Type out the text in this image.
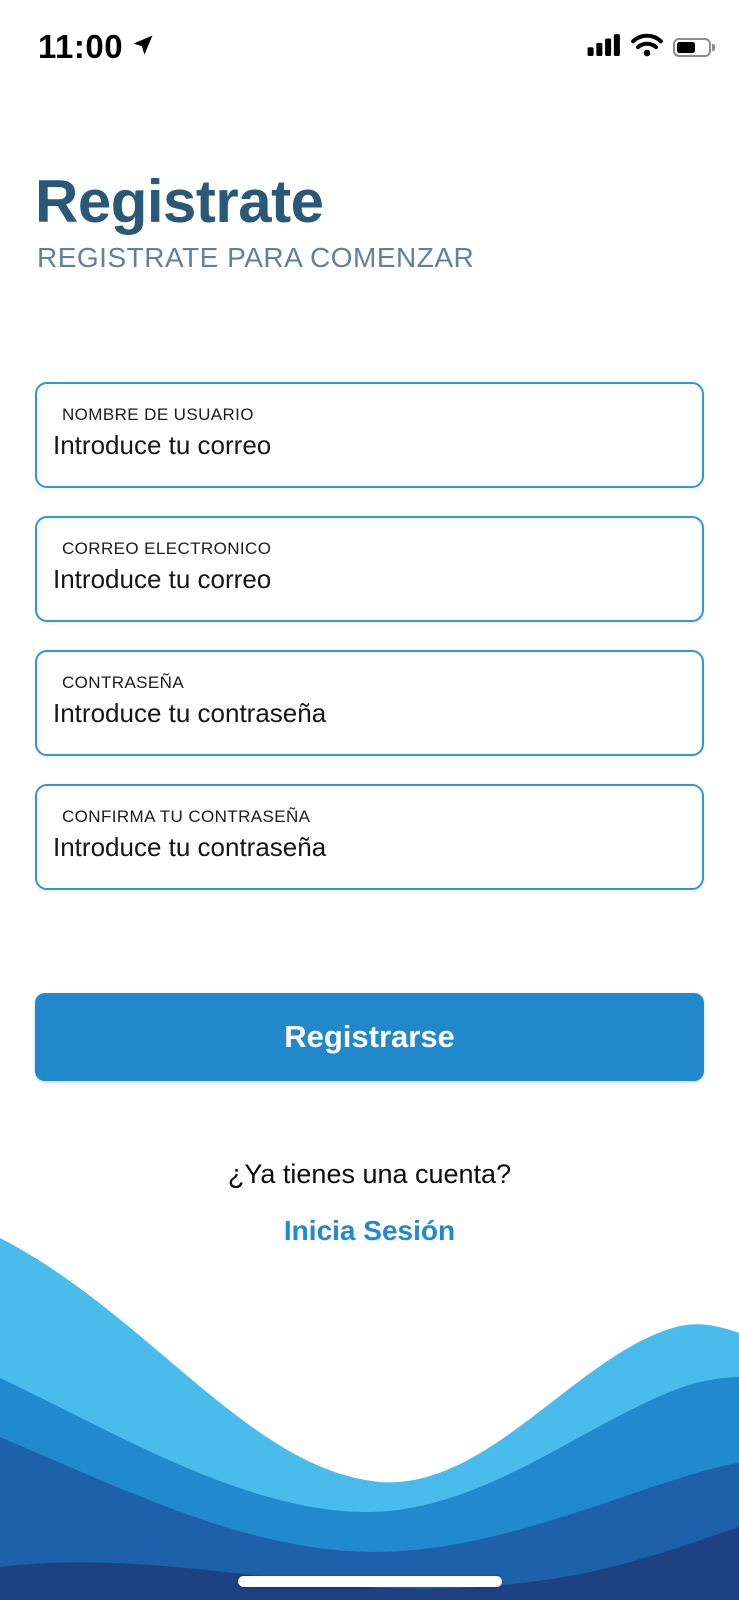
11:00
Registrate
REGISTRATE PARA COMENZAR
NOMBRE DE USUARIO
Introduce tu correo
CORREO ELECTRONICO
Introduce tu correo
CONTRASEÑA
Introduce tu contraseña
CONFIRMA TU CONTRASEÑA
Introduce tu contraseña
Registrarse

¿Ya tienes una cuenta?

Inicia Sesión
